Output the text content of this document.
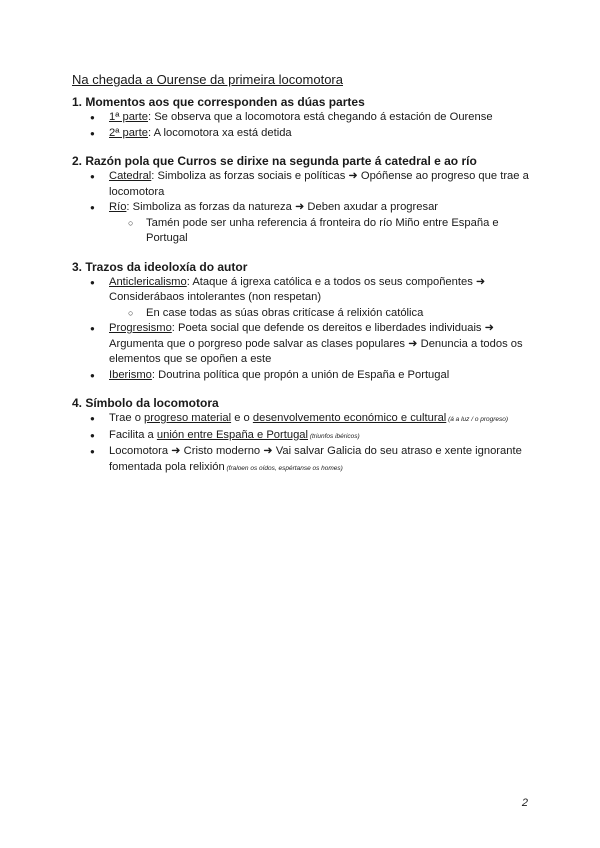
Na chegada a Ourense da primeira locomotora
1. Momentos aos que corresponden as dúas partes
● 1ª parte: Se observa que a locomotora está chegando á estación de Ourense
● 2ª parte: A locomotora xa está detida
2. Razón pola que Curros se dirixe na segunda parte á catedral e ao río
● Catedral: Simboliza as forzas sociais e políticas ➜ Opóñense ao progreso que trae a locomotora
● Río: Simboliza as forzas da natureza ➜ Deben axudar a progresar
○ Tamén pode ser unha referencia á fronteira do río Miño entre España e Portugal
3. Trazos da ideoloxía do autor
● Anticlericalismo: Ataque á igrexa católica e a todos os seus compoñentes ➜ Considerábaos intolerantes (non respetan)
○ En case todas as súas obras critícase á relixión católica
● Progresismo: Poeta social que defende os dereitos e liberdades individuais ➜ Argumenta que o porgreso pode salvar as clases populares ➜ Denuncia a todos os elementos que se opoñen a este
● Iberismo: Doutrina política que propón a unión de España e Portugal
4. Símbolo da locomotora
● Trae o progreso material e o desenvolvemento económico e cultural (á a luz / o progreso)
● Facilita a unión entre España e Portugal (triunfos ibéricos)
● Locomotora ➜ Cristo moderno ➜ Vai salvar Galicia do seu atraso e xente ignorante fomentada pola relixión (fraloen os oídos, espértanse os homes)
2
